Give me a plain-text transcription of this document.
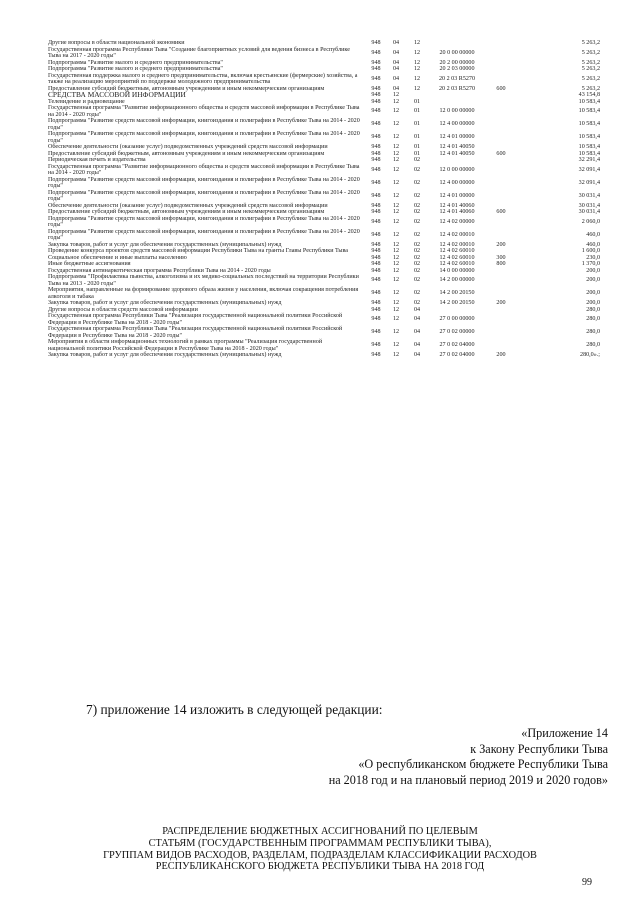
Другие вопросы в области национальной экономики	948	04	12			5 263,2
Государственная программа Республики Тыва "Создание благоприятных условий для ведения бизнеса в Республике Тыва на 2017 - 2020 годы"	948	04	12	20 0 00 00000		5 263,2
Подпрограмма "Развитие малого и среднего предпринимательства"	948	04	12	20 2 00 00000		5 263,2
Подпрограмма "Развитие малого и среднего предпринимательства"	948	04	12	20 2 03 00000		5 263,2
Государственная поддержка малого и среднего предпринимательства, включая крестьянские (фермерские) хозяйства, а также на реализацию мероприятий по поддержке молодежного предпринимательства	948	04	12	20 2 03 R5270		5 263,2
Предоставление субсидий бюджетным, автономным учреждениям и иным некоммерческим организациям	948	04	12	20 2 03 R5270	600	5 263,2
СРЕДСТВА МАССОВОЙ ИНФОРМАЦИИ	948	12				43 154,8
Телевидение и радиовещание	948	12	01			10 583,4
Государственная программа "Развитие информационного общества и средств массовой информации в Республике Тыва на 2014 - 2020 годы"	948	12	01	12 0 00 00000		10 583,4
Подпрограмма "Развитие средств массовой информации, книгоиздания и полиграфии в Республике Тыва на 2014 - 2020 годы"	948	12	01	12 4 00 00000		10 583,4
Подпрограмма "Развитие средств массовой информации, книгоиздания и полиграфии в Республике Тыва на 2014 - 2020 годы"	948	12	01	12 4 01 00000		10 583,4
Обеспечение деятельности (оказание услуг) подведомственных учреждений средств массовой информации	948	12	01	12 4 01 40050		10 583,4
Предоставление субсидий бюджетным, автономным учреждениям и иным некоммерческим организациям	948	12	01	12 4 01 40050	600	10 583,4
Периодическая печать и издательства	948	12	02			32 291,4
Государственная программа "Развитие информационного общества и средств массовой информации в Республике Тыва на 2014 - 2020 годы"	948	12	02	12 0 00 00000		32 091,4
Подпрограмма "Развитие средств массовой информации, книгоиздания и полиграфии в Республике Тыва на 2014 - 2020 годы"	948	12	02	12 4 00 00000		32 091,4
Подпрограмма "Развитие средств массовой информации, книгоиздания и полиграфии в Республике Тыва на 2014 - 2020 годы"	948	12	02	12 4 01 00000		30 031,4
Обеспечение деятельности (оказание услуг) подведомственных учреждений средств массовой информации	948	12	02	12 4 01 40060		30 031,4
Предоставление субсидий бюджетным, автономным учреждениям и иным некоммерческим организациям	948	12	02	12 4 01 40060	600	30 031,4
Подпрограмма "Развитие средств массовой информации, книгоиздания и полиграфии в Республике Тыва на 2014 - 2020 годы"	948	12	02	12 4 02 00000		2 060,0
Подпрограмма "Развитие средств массовой информации, книгоиздания и полиграфии в Республике Тыва на 2014 - 2020 годы"	948	12	02	12 4 02 00010		460,0
Закупка товаров, работ и услуг для обеспечения государственных (муниципальных) нужд	948	12	02	12 4 02 00010	200	460,0
Проведение конкурса проектов средств массовой информации Республики Тыва на гранты Главы Республики Тыва	948	12	02	12 4 02 60010		1 600,0
Социальное обеспечение и иные выплаты населению	948	12	02	12 4 02 60010	300	230,0
Иные бюджетные ассигнования	948	12	02	12 4 02 60010	800	1 370,0
Государственная антинаркотическая программа Республики Тыва на 2014 - 2020 годы	948	12	02	14 0 00 00000		200,0
Подпрограмма "Профилактика пьянства, алкоголизма и их медико-социальных последствий на территории Республики Тыва на 2013 - 2020 годы"	948	12	02	14 2 00 00000		200,0
Мероприятия, направленные на формирование здорового образа жизни у населения, включая сокращения потребления алкоголя и табака	948	12	02	14 2 00 20150		200,0
Закупка товаров, работ и услуг для обеспечения государственных (муниципальных) нужд	948	12	02	14 2 00 20150	200	200,0
Другие вопросы в области средств массовой информации	948	12	04			280,0
Государственная программа Республики Тыва "Реализация государственной национальной политики Российской Федерации в Республике Тыва на 2018 - 2020 годы"	948	12	04	27 0 00 00000		280,0
Государственная программа Республики Тыва "Реализация государственной национальной политики Российской Федерации в Республике Тыва на 2018 - 2020 годы"	948	12	04	27 0 02 00000		280,0
Мероприятия в области информационных технологий в рамках программы "Реализация государственной национальной политики Российской Федерации в Республике Тыва на 2018 - 2020 годы"	948	12	04	27 0 02 04000		280,0
Закупка товаров, работ и услуг для обеспечения государственных (муниципальных) нужд	948	12	04	27 0 02 04000	200	280,0».;
7) приложение 14 изложить в следующей редакции:
«Приложение 14
к Закону Республики Тыва
«О республиканском бюджете Республики Тыва
на 2018 год и на плановый период 2019 и 2020 годов»
РАСПРЕДЕЛЕНИЕ БЮДЖЕТНЫХ АССИГНОВАНИЙ ПО ЦЕЛЕВЫМ
СТАТЬЯМ (ГОСУДАРСТВЕННЫМ ПРОГРАММАМ РЕСПУБЛИКИ ТЫВА),
ГРУППАМ ВИДОВ РАСХОДОВ, РАЗДЕЛАМ, ПОДРАЗДЕЛАМ КЛАССИФИКАЦИИ РАСХОДОВ
РЕСПУБЛИКАНСКОГО БЮДЖЕТА РЕСПУБЛИКИ ТЫВА НА 2018 ГОД
99
